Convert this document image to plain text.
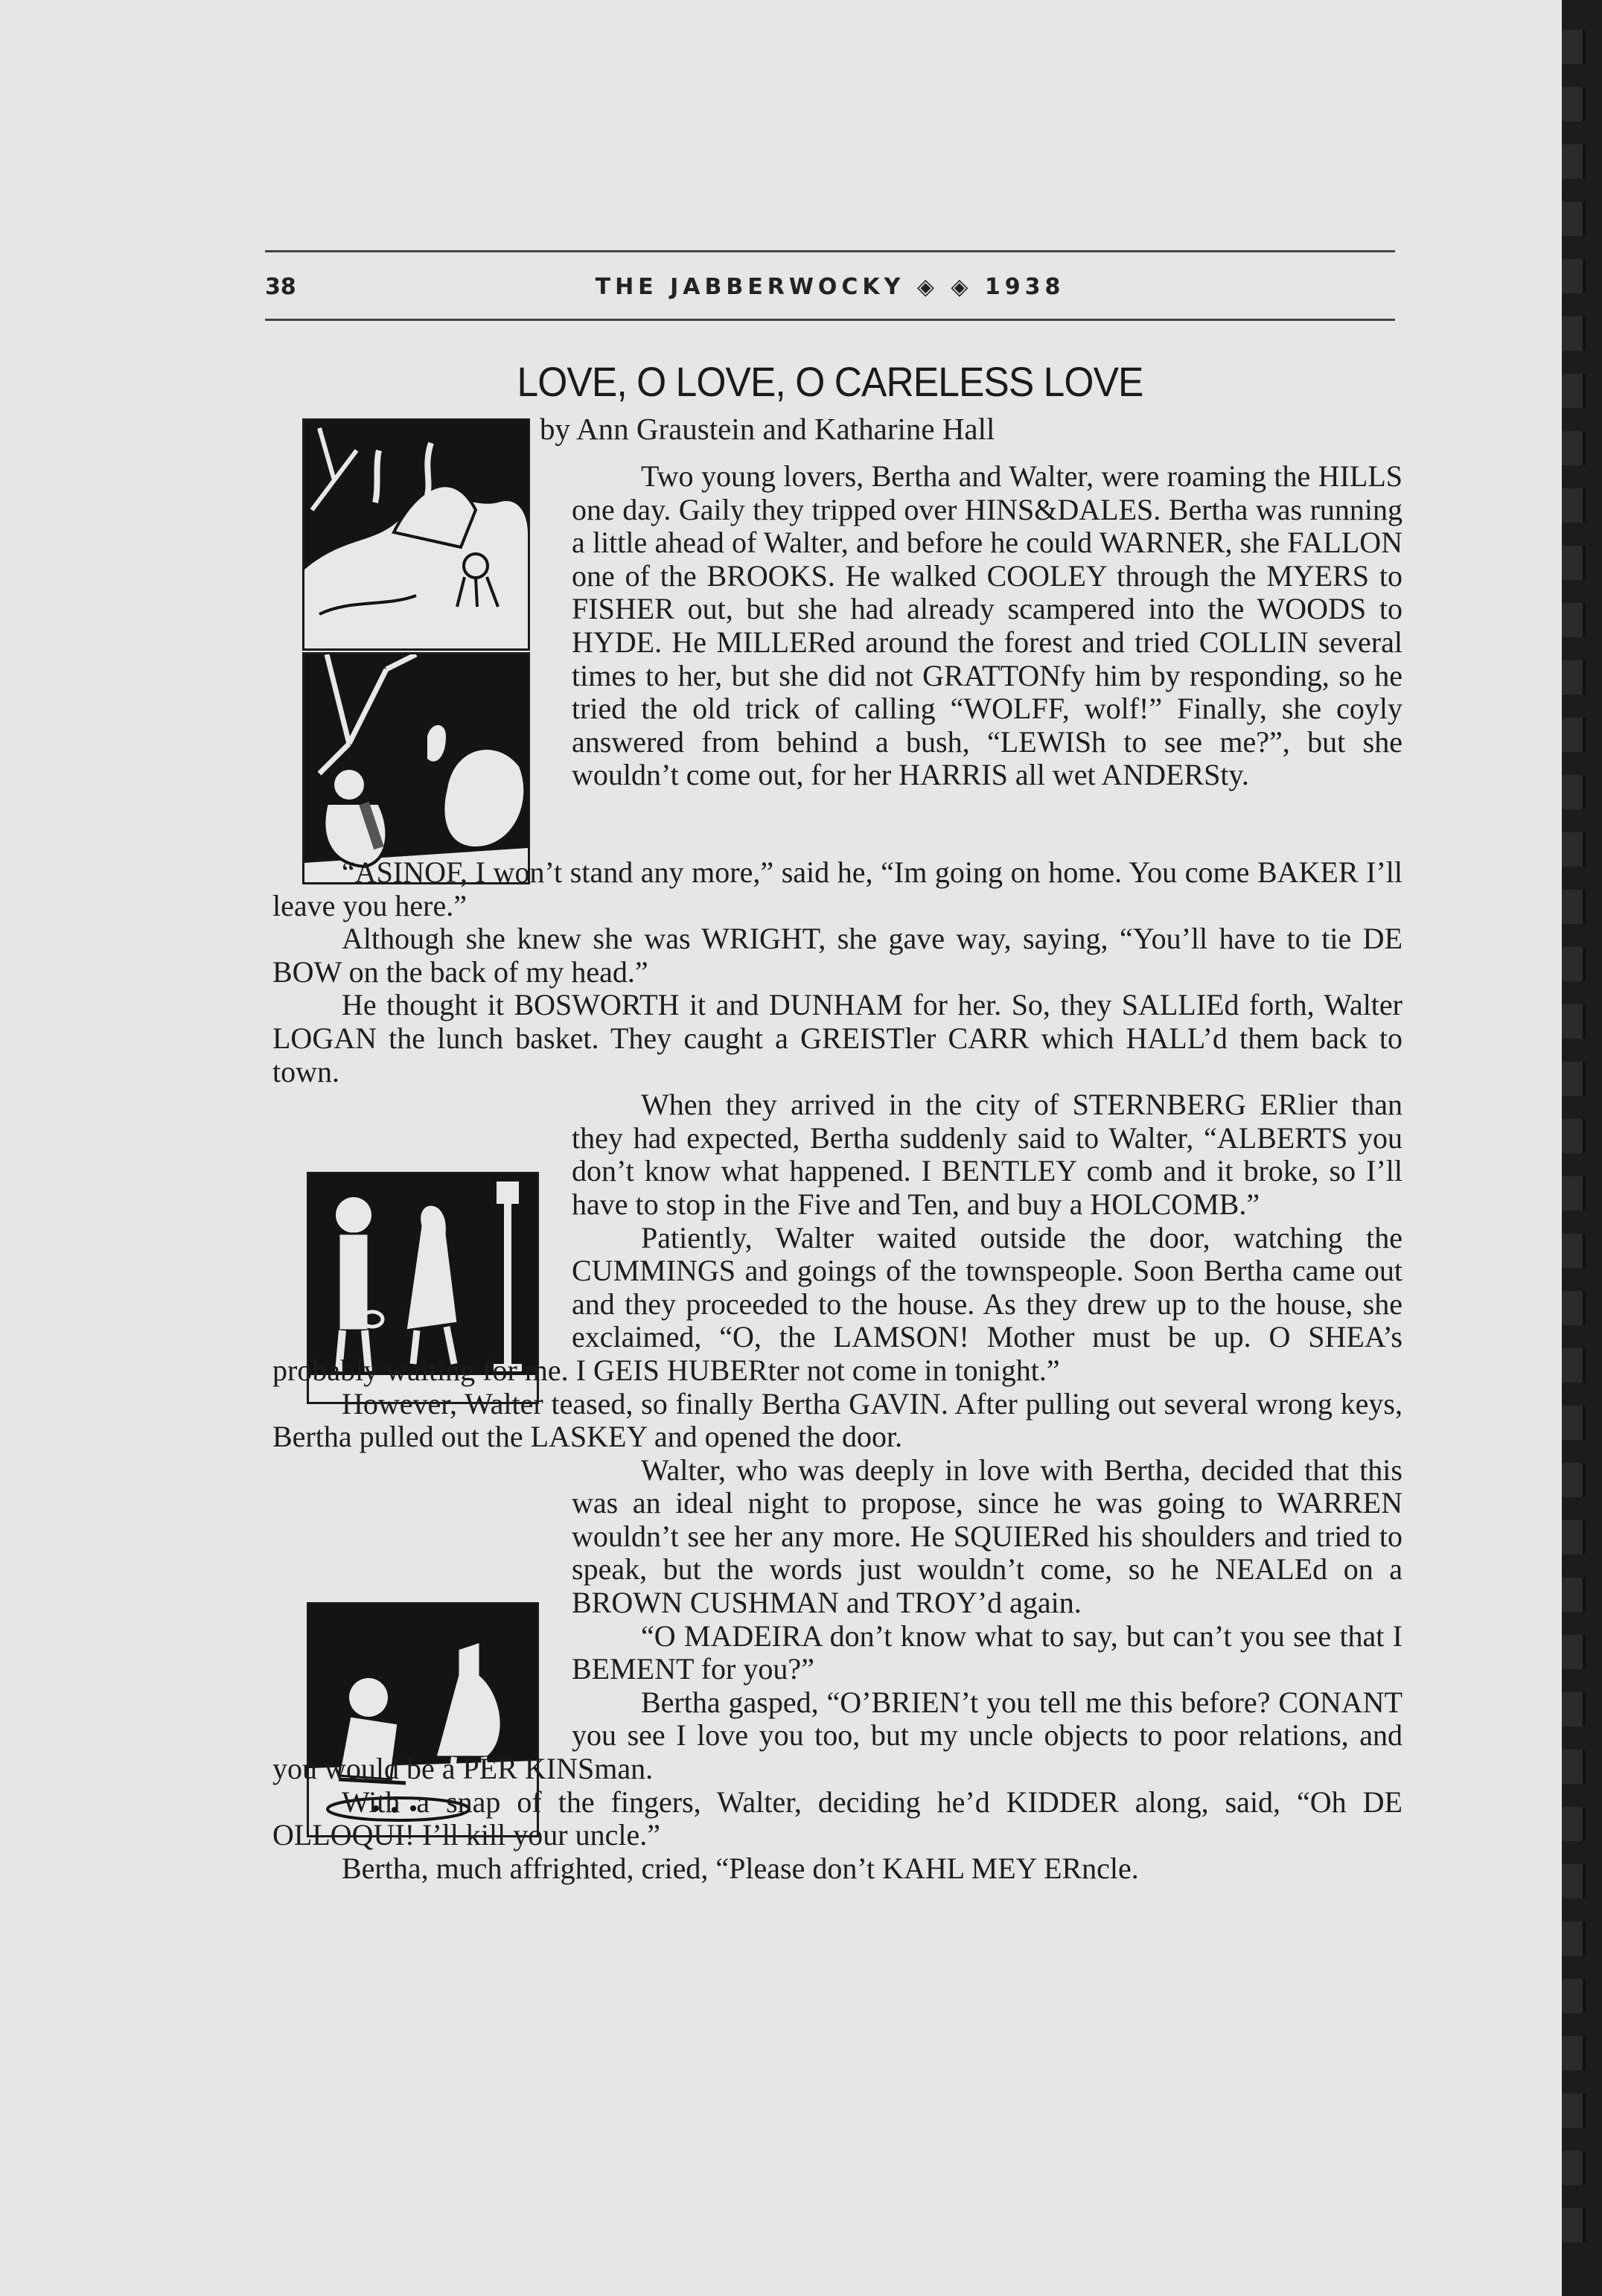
38	THE JABBERWOCKY ◈ ◈ 1938
LOVE, O LOVE, O CARELESS LOVE
by Ann Graustein and Katharine Hall

Two young lovers, Bertha and Walter, were roaming the HILLS one day. Gaily they tripped over HINS&DALES. Bertha was running a little ahead of Walter, and before he could WARNER, she FALLON one of the BROOKS. He walked COOLEY through the MYERS to FISHER out, but she had already scampered into the WOODS to HYDE. He MILLERed around the forest and tried COLLIN several times to her, but she did not GRATTONfy him by responding, so he tried the old trick of calling “WOLFF, wolf!” Finally, she coyly answered from behind a bush, “LEWISh to see me?”, but she wouldn’t come out, for her HARRIS all wet ANDERSty.

“ASINOF, I won’t stand any more,” said he, “Im going on home. You come BAKER I’ll leave you here.”

Although she knew she was WRIGHT, she gave way, saying, “You’ll have to tie DE BOW on the back of my head.”

He thought it BOSWORTH it and DUNHAM for her. So, they SALLIEd forth, Walter LOGAN the lunch basket. They caught a GREISTler CARR which HALL’d them back to town.

When they arrived in the city of STERNBERG ERlier than they had expected, Bertha suddenly said to Walter, “ALBERTS you don’t know what happened. I BENTLEY comb and it broke, so I’ll have to stop in the Five and Ten, and buy a HOLCOMB.”

Patiently, Walter waited outside the door, watching the CUMMINGS and goings of the townspeople. Soon Bertha came out and they proceeded to the house. As they drew up to the house, she exclaimed, “O, the LAMSON! Mother must be up. O SHEA’s probably waiting for me. I GEIS HUBERter not come in tonight.”

However, Walter teased, so finally Bertha GAVIN. After pulling out several wrong keys, Bertha pulled out the LASKEY and opened the door.

Walter, who was deeply in love with Bertha, decided that this was an ideal night to propose, since he was going to WARREN wouldn’t see her any more. He SQUIERed his shoulders and tried to speak, but the words just wouldn’t come, so he NEALEd on a BROWN CUSHMAN and TROY’d again.

“O MADEIRA don’t know what to say, but can’t you see that I BEMENT for you?”

Bertha gasped, “O’BRIEN’t you tell me this before? CONANT you see I love you too, but my uncle objects to poor relations, and you would be a PER KINSman.

With a snap of the fingers, Walter, deciding he’d KIDDER along, said, “Oh DE OLLOQUI! I’ll kill your uncle.”

Bertha, much affrighted, cried, “Please don’t KAHL MEY ERncle.
